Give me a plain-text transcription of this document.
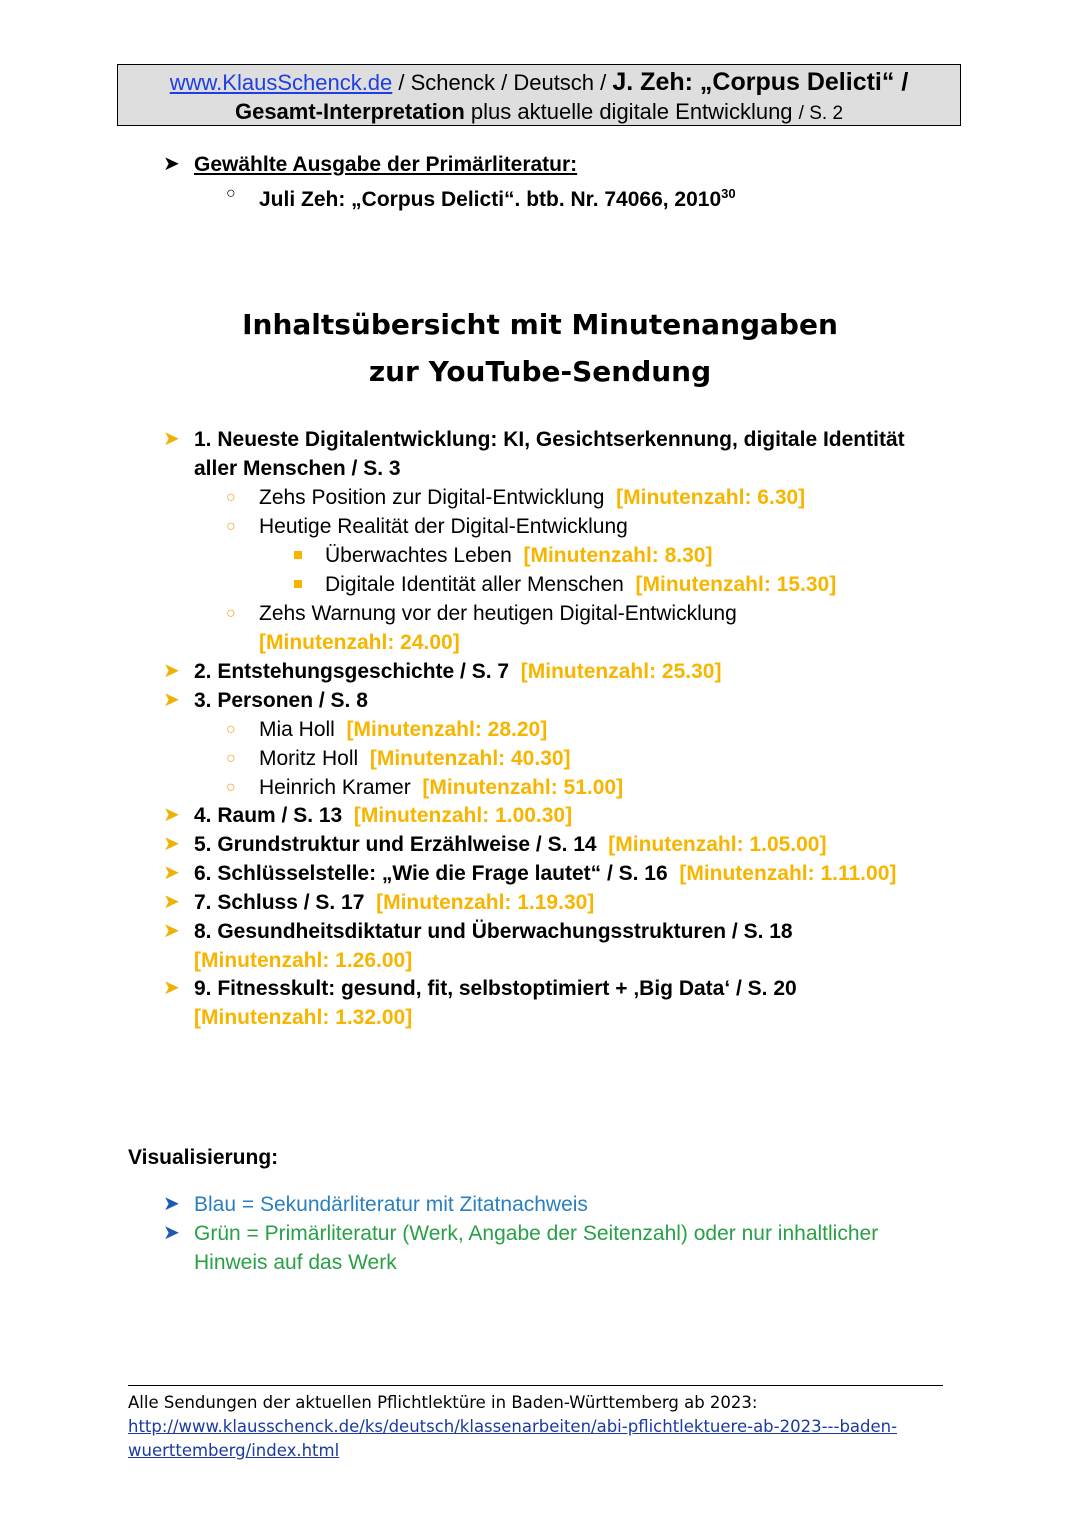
www.KlausSchenck.de / Schenck / Deutsch / J. Zeh: „Corpus Delicti“ /
Gesamt-Interpretation plus aktuelle digitale Entwicklung / S. 2
➤ Gewählte Ausgabe der Primärliteratur:
○ Juli Zeh: „Corpus Delicti“. btb. Nr. 74066, 2010$^{30}$
Inhaltsübersicht mit Minutenangaben
zur YouTube-Sendung
➤ 1. Neueste Digitalentwicklung: KI, Gesichtserkennung, digitale Identität
aller Menschen / S. 3
○ Zehs Position zur Digital-Entwicklung [Minutenzahl: 6.30]
○ Heutige Realität der Digital-Entwicklung
Überwachtes Leben [Minutenzahl: 8.30]
Digitale Identität aller Menschen [Minutenzahl: 15.30]
○ Zehs Warnung vor der heutigen Digital-Entwicklung
[Minutenzahl: 24.00]
➤ 2. Entstehungsgeschichte / S. 7 [Minutenzahl: 25.30]
➤ 3. Personen / S. 8
○ Mia Holl [Minutenzahl: 28.20]
○ Moritz Holl [Minutenzahl: 40.30]
○ Heinrich Kramer [Minutenzahl: 51.00]
➤ 4. Raum / S. 13 [Minutenzahl: 1.00.30]
➤ 5. Grundstruktur und Erzählweise / S. 14 [Minutenzahl: 1.05.00]
➤ 6. Schlüsselstelle: „Wie die Frage lautet“ / S. 16 [Minutenzahl: 1.11.00]
➤ 7. Schluss / S. 17 [Minutenzahl: 1.19.30]
➤ 8. Gesundheitsdiktatur und Überwachungsstrukturen / S. 18
[Minutenzahl: 1.26.00]
➤ 9. Fitnesskult: gesund, fit, selbstoptimiert + ‚Big Data‘ / S. 20
[Minutenzahl: 1.32.00]
Visualisierung:
➤ Blau = Sekundärliteratur mit Zitatnachweis
➤ Grün = Primärliteratur (Werk, Angabe der Seitenzahl) oder nur inhaltlicher
Hinweis auf das Werk
Alle Sendungen der aktuellen Pflichtlektüre in Baden-Württemberg ab 2023:
http://www.klausschenck.de/ks/deutsch/klassenarbeiten/abi-pflichtlektuere-ab-2023---baden-
wuerttemberg/index.html
